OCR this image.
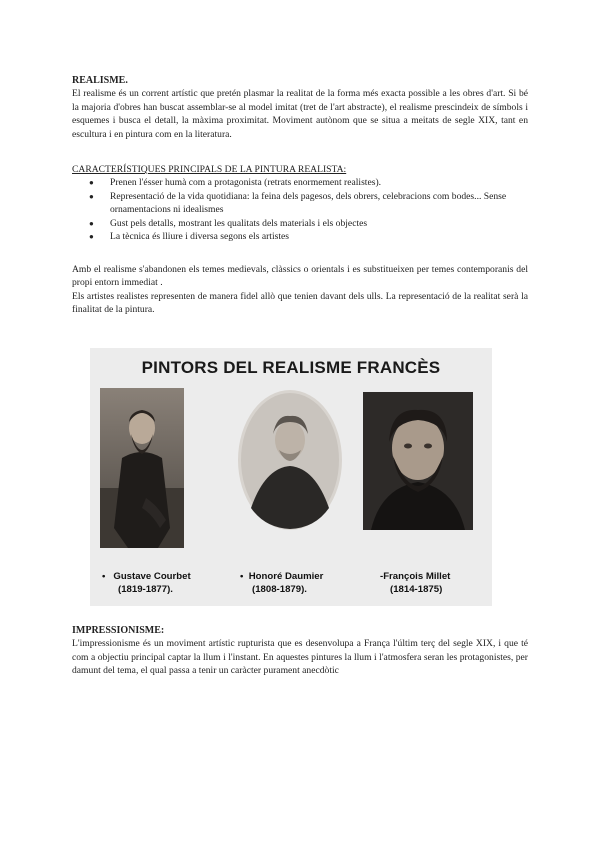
REALISME.
El realisme és un corrent artístic que pretén plasmar la realitat de la forma més exacta possible a les obres d'art. Si bé la majoria d'obres han buscat assemblar-se al model imitat (tret de l'art abstracte), el realisme prescindeix de símbols i esquemes i busca el detall, la màxima proximitat. Moviment autònom que se situa a meitats de segle XIX, tant en escultura i en pintura com en la literatura.
CARACTERÍSTIQUES PRINCIPALS DE LA PINTURA REALISTA:
● Prenen l'ésser humà com a protagonista (retrats enormement realistes).
● Representació de la vida quotidiana: la feina dels pagesos, dels obrers, celebracions com bodes... Sense ornamentacions ni idealismes
● Gust pels detalls, mostrant les qualitats dels materials i els objectes
● La tècnica és lliure i diversa segons els artistes
Amb el realisme s'abandonen els temes medievals, clàssics o orientals i es substitueixen per temes contemporanis del propi entorn immediat .
Els artistes realistes representen de manera fidel allò que tenien davant dels ulls. La representació de la realitat serà la finalitat de la pintura.
PINTORS DEL REALISME FRANCÈS
• Gustave Courbet
(1819-1877).
• Honoré Daumier
(1808-1879).
-François Millet
(1814-1875)
IMPRESSIONISME:
L'impressionisme és un moviment artístic rupturista que es desenvolupa a França l'últim terç del segle XIX, i que té com a objectiu principal captar la llum i l'instant. En aquestes pintures la llum i l'atmosfera seran les protagonistes, per damunt del tema, el qual passa a tenir un caràcter purament anecdòtic
